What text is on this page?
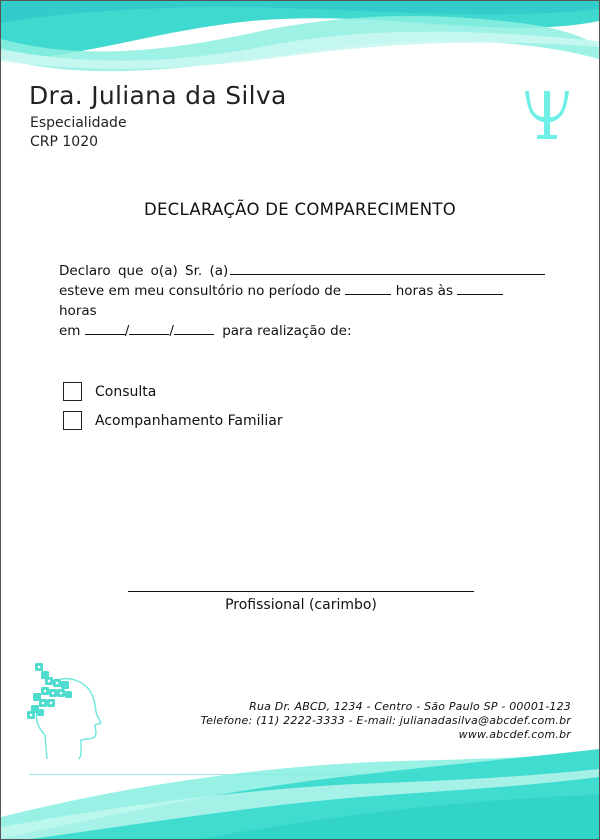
Dra. Juliana da Silva
Especialidade
CRP 1020
DECLARAÇÃO DE COMPARECIMENTO
Declaro que o(a) Sr. (a)
esteve em meu consultório no período de	horas às  horas
em	/	/	para realização de:
Consulta
Acompanhamento Familiar
Profissional (carimbo)
Rua Dr. ABCD, 1234 - Centro - São Paulo SP - 00001-123
Telefone: (11) 2222-3333 - E-mail: julianadasilva@abcdef.com.br
www.abcdef.com.br
